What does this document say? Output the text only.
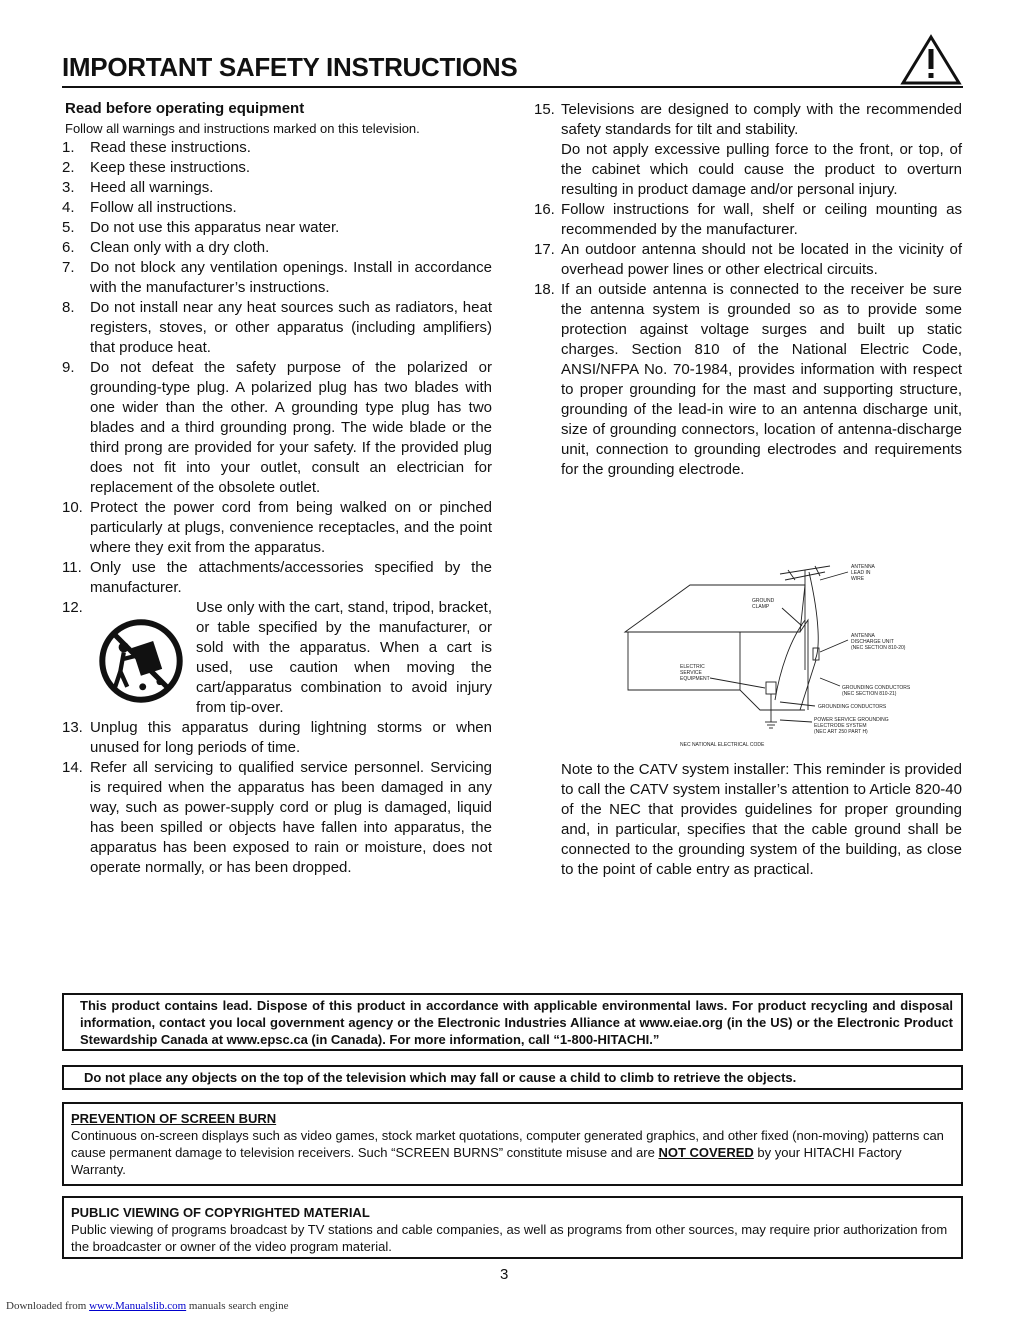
IMPORTANT SAFETY INSTRUCTIONS
Read before operating equipment
Follow all warnings and instructions marked on this television.
1.	Read these instructions.
2.	Keep these instructions.
3.	Heed all warnings.
4.	Follow all instructions.
5.	Do not use this apparatus near water.
6.	Clean only with a dry cloth.
7.	Do not block any ventilation openings. Install in accordance with the manufacturer’s instructions.
8.	Do not install near any heat sources such as radiators, heat registers, stoves, or other apparatus (including amplifiers) that produce heat.
9.	Do not defeat the safety purpose of the polarized or grounding-type plug. A polarized plug has two blades with one wider than the other. A grounding type plug has two blades and a third grounding prong. The wide blade or the third prong are provided for your safety. If the provided plug does not fit into your outlet, consult an electrician for replacement of the obsolete outlet.
10. Protect the power cord from being walked on or pinched particularly at plugs, convenience receptacles, and the point where they exit from the apparatus.
11. Only use the attachments/accessories specified by the manufacturer.
12.	Use only with the cart, stand, tripod, bracket, or table specified by the manufacturer, or sold with the apparatus. When a cart is used, use caution when moving the cart/apparatus combination to avoid injury from tip-over.
13. Unplug this apparatus during lightning storms or when unused for long periods of time.
14. Refer all servicing to qualified service personnel. Servicing is required when the apparatus has been damaged in any way, such as power-supply cord or plug is damaged, liquid has been spilled or objects have fallen into apparatus, the apparatus has been exposed to rain or moisture, does not operate normally, or has been dropped.
15. Televisions are designed to comply with the recommended safety standards for tilt and stability.

Do not apply excessive pulling force to the front, or top, of the cabinet which could cause the product to overturn resulting in product damage and/or personal injury.

16. Follow instructions for wall, shelf or ceiling mounting as recommended by the manufacturer.
17. An outdoor antenna should not be located in the vicinity of overhead power lines or other electrical circuits.
18. If an outside antenna is connected to the receiver be sure the antenna system is grounded so as to provide some protection against voltage surges and built up static charges. Section 810 of the National Electric Code, ANSI/NFPA No. 70-1984, provides information with respect to proper grounding for the mast and supporting structure, grounding of the lead-in wire to an antenna discharge unit, size of grounding connectors, location of antenna-discharge unit, connection to grounding electrodes and requirements for the grounding electrode.
ANTENNA
LEAD IN
WIRE
GROUND
CLAMP
ANTENNA
DISCHARGE UNIT
(NEC SECTION 810-20)
ELECTRIC
SERVICE
EQUIPMENT
GROUNDING CONDUCTORS
(NEC SECTION 810-21)
GROUNDING CONDUCTORS
POWER SERVICE GROUNDING
ELECTRODE SYSTEM
(NEC ART 250 PART H)
NEC NATIONAL ELECTRICAL CODE
Note to the CATV system installer: This reminder is provided to call the CATV system installer’s attention to Article 820-40 of the NEC that provides guidelines for proper grounding and, in particular, specifies that the cable ground shall be connected to the grounding system of the building, as close to the point of cable entry as practical.
This product contains lead. Dispose of this product in accordance with applicable environmental laws. For product recycling and disposal information, contact you local government agency or the Electronic Industries Alliance at www.eiae.org (in the US) or the Electronic Product Stewardship Canada at www.epsc.ca (in Canada). For more information, call “1-800-HITACHI.”
Do not place any objects on the top of the television which may fall or cause a child to climb to retrieve the objects.
PREVENTION OF SCREEN BURN
Continuous on-screen displays such as video games, stock market quotations, computer generated graphics, and other fixed (non-moving) patterns can cause permanent damage to television receivers. Such “SCREEN BURNS” constitute misuse and are NOT COVERED by your HITACHI Factory Warranty.
PUBLIC VIEWING OF COPYRIGHTED MATERIAL
Public viewing of programs broadcast by TV stations and cable companies, as well as programs from other sources, may require prior authorization from the broadcaster or owner of the video program material.
3
Downloaded from www.Manualslib.com manuals search engine
